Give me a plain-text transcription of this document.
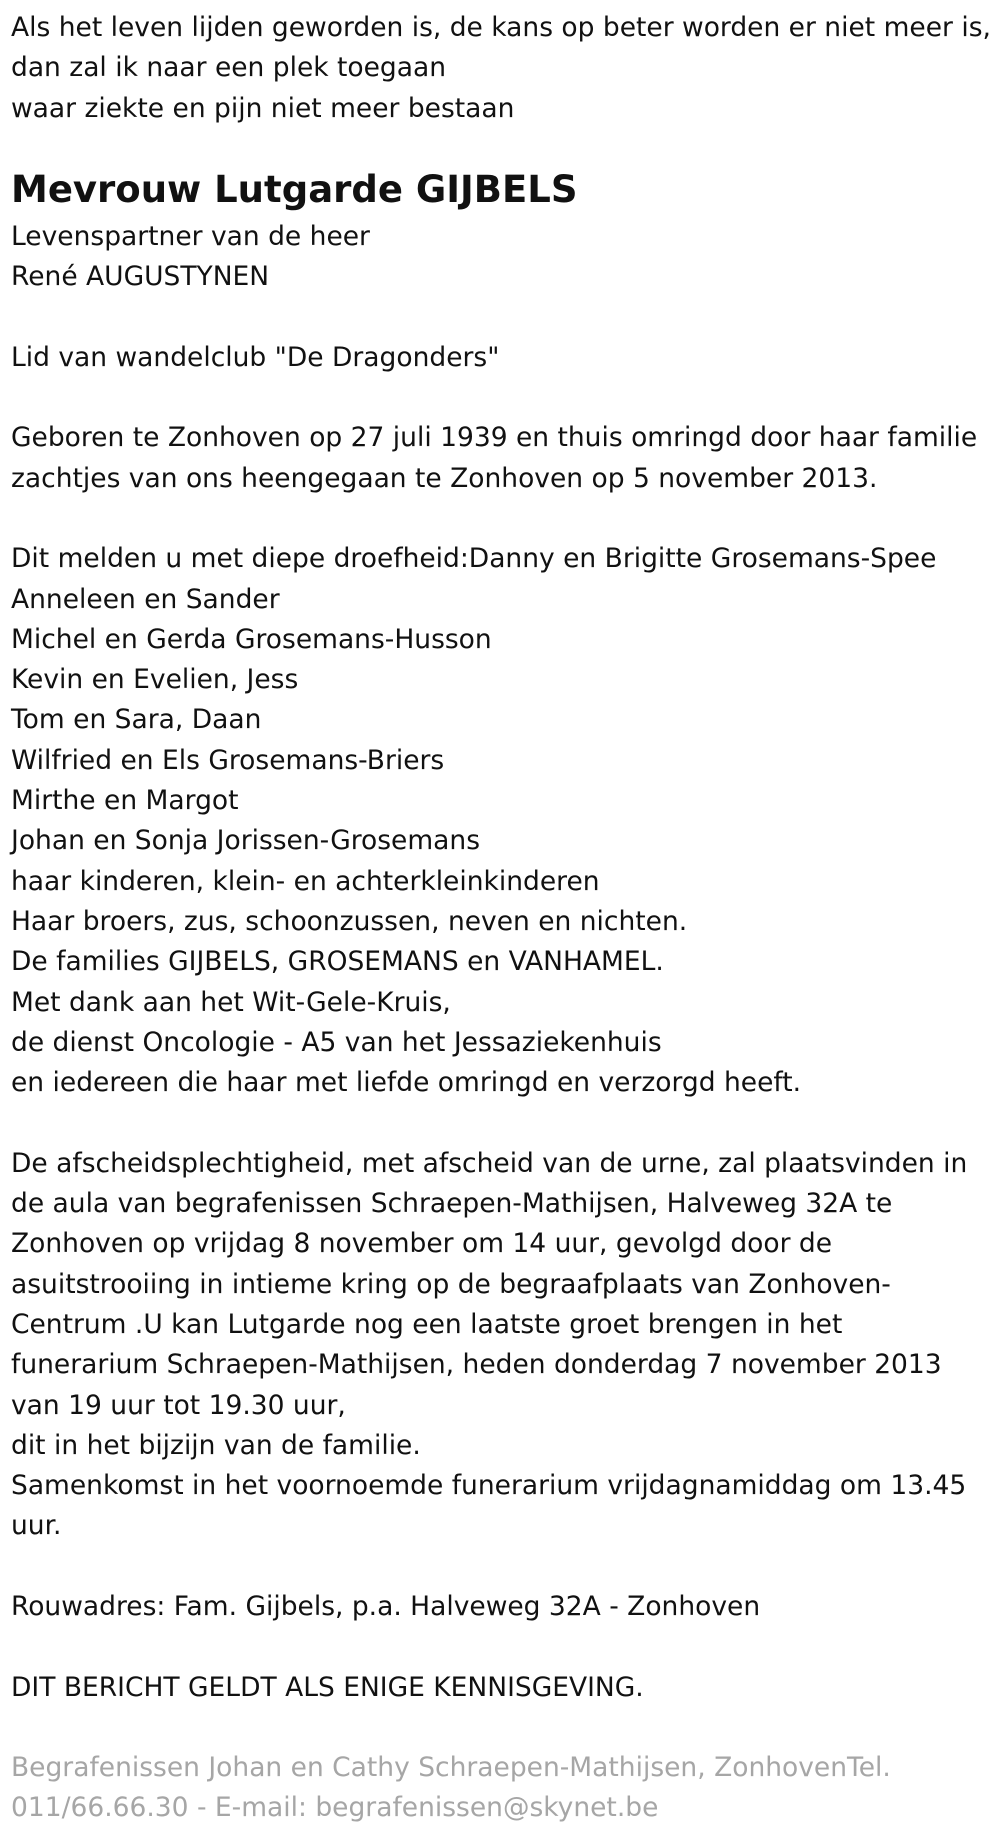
Als het leven lijden geworden is, de kans op beter worden er niet meer is,

dan zal ik naar een plek toegaan

waar ziekte en pijn niet meer bestaan

Mevrouw Lutgarde GIJBELS

Levenspartner van de heer

René AUGUSTYNEN

Lid van wandelclub "De Dragonders"

Geboren te Zonhoven op 27 juli 1939 en thuis omringd door haar familie

zachtjes van ons heengegaan te Zonhoven op 5 november 2013.

Dit melden u met diepe droefheid:Danny en Brigitte Grosemans-Spee

Anneleen en Sander

Michel en Gerda Grosemans-Husson

Kevin en Evelien, Jess

Tom en Sara, Daan

Wilfried en Els Grosemans-Briers

Mirthe en Margot

Johan en Sonja Jorissen-Grosemans

haar kinderen, klein- en achterkleinkinderen

Haar broers, zus, schoonzussen, neven en nichten.

De families GIJBELS, GROSEMANS en VANHAMEL.

Met dank aan het Wit-Gele-Kruis,

de dienst Oncologie - A5 van het Jessaziekenhuis

en iedereen die haar met liefde omringd en verzorgd heeft.

De afscheidsplechtigheid, met afscheid van de urne, zal plaatsvinden in

de aula van begrafenissen Schraepen-Mathijsen, Halveweg 32A te

Zonhoven op vrijdag 8 november om 14 uur, gevolgd door de

asuitstrooiing in intieme kring op de begraafplaats van Zonhoven-

Centrum .U kan Lutgarde nog een laatste groet brengen in het

funerarium Schraepen-Mathijsen, heden donderdag 7 november 2013

van 19 uur tot 19.30 uur,

dit in het bijzijn van de familie.

Samenkomst in het voornoemde funerarium vrijdagnamiddag om 13.45

uur.

Rouwadres: Fam. Gijbels, p.a. Halveweg 32A - Zonhoven

DIT BERICHT GELDT ALS ENIGE KENNISGEVING.

Begrafenissen Johan en Cathy Schraepen-Mathijsen, ZonhovenTel.

011/66.66.30 - E-mail: begrafenissen@skynet.be
